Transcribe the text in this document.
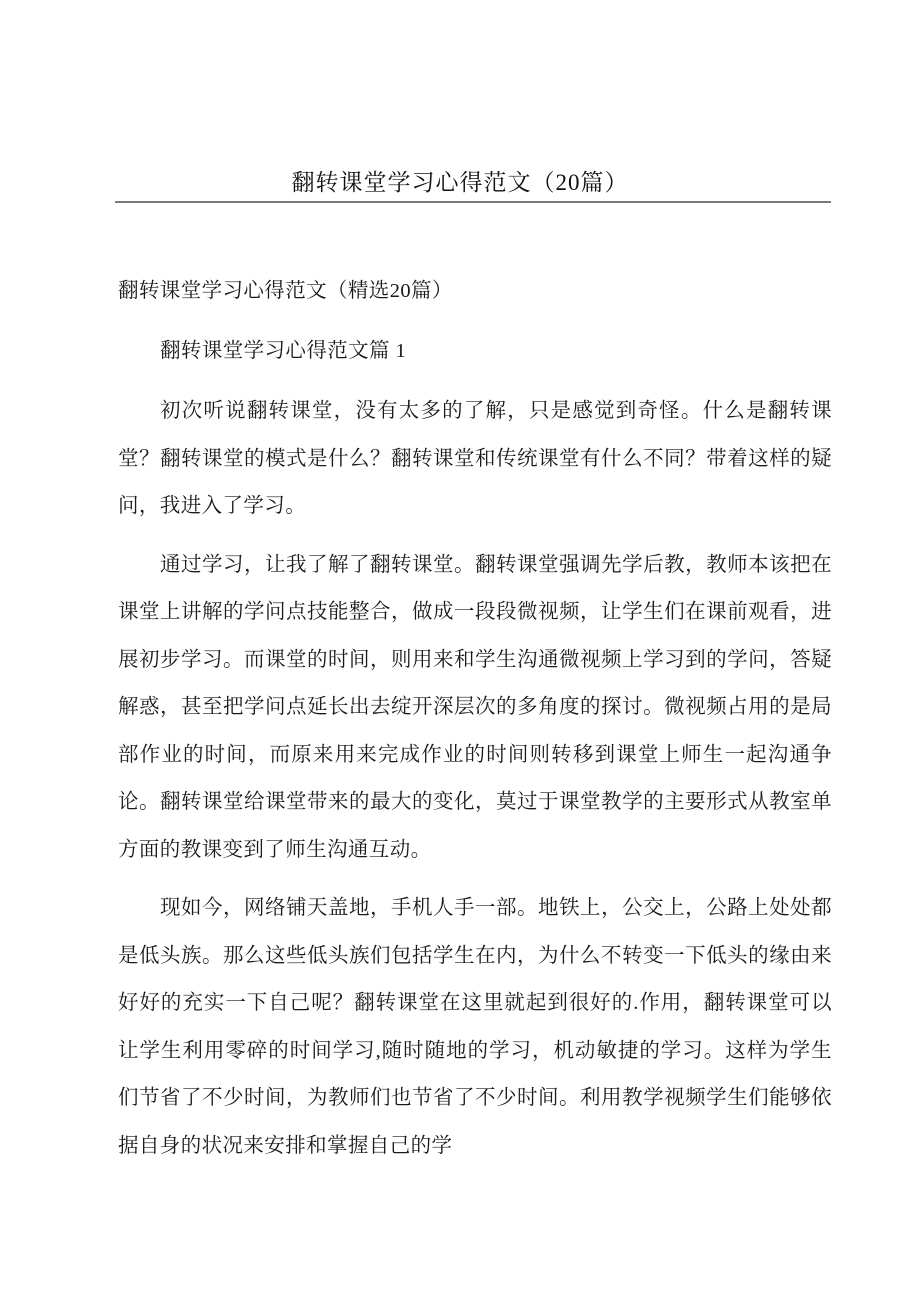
翻转课堂学习心得范文（20篇）

翻转课堂学习心得范文（精选20篇）

翻转课堂学习心得范文篇 1

初次听说翻转课堂，没有太多的了解，只是感觉到奇怪。什么是翻转课堂？翻转课堂的模式是什么？翻转课堂和传统课堂有什么不同？带着这样的疑问，我进入了学习。

通过学习，让我了解了翻转课堂。翻转课堂强调先学后教，教师本该把在课堂上讲解的学问点技能整合，做成一段段微视频，让学生们在课前观看，进展初步学习。而课堂的时间，则用来和学生沟通微视频上学习到的学问，答疑解惑，甚至把学问点延长出去绽开深层次的多角度的探讨。微视频占用的是局部作业的时间，而原来用来完成作业的时间则转移到课堂上师生一起沟通争论。翻转课堂给课堂带来的最大的变化，莫过于课堂教学的主要形式从教室单方面的教课变到了师生沟通互动。

现如今，网络铺天盖地，手机人手一部。地铁上，公交上，公路上处处都是低头族。那么这些低头族们包括学生在内，为什么不转变一下低头的缘由来好好的充实一下自己呢？翻转课堂在这里就起到很好的.作用，翻转课堂可以让学生利用零碎的时间学习,随时随地的学习，机动敏捷的学习。这样为学生们节省了不少时间，为教师们也节省了不少时间。利用教学视频学生们能够依据自身的状况来安排和掌握自己的学
